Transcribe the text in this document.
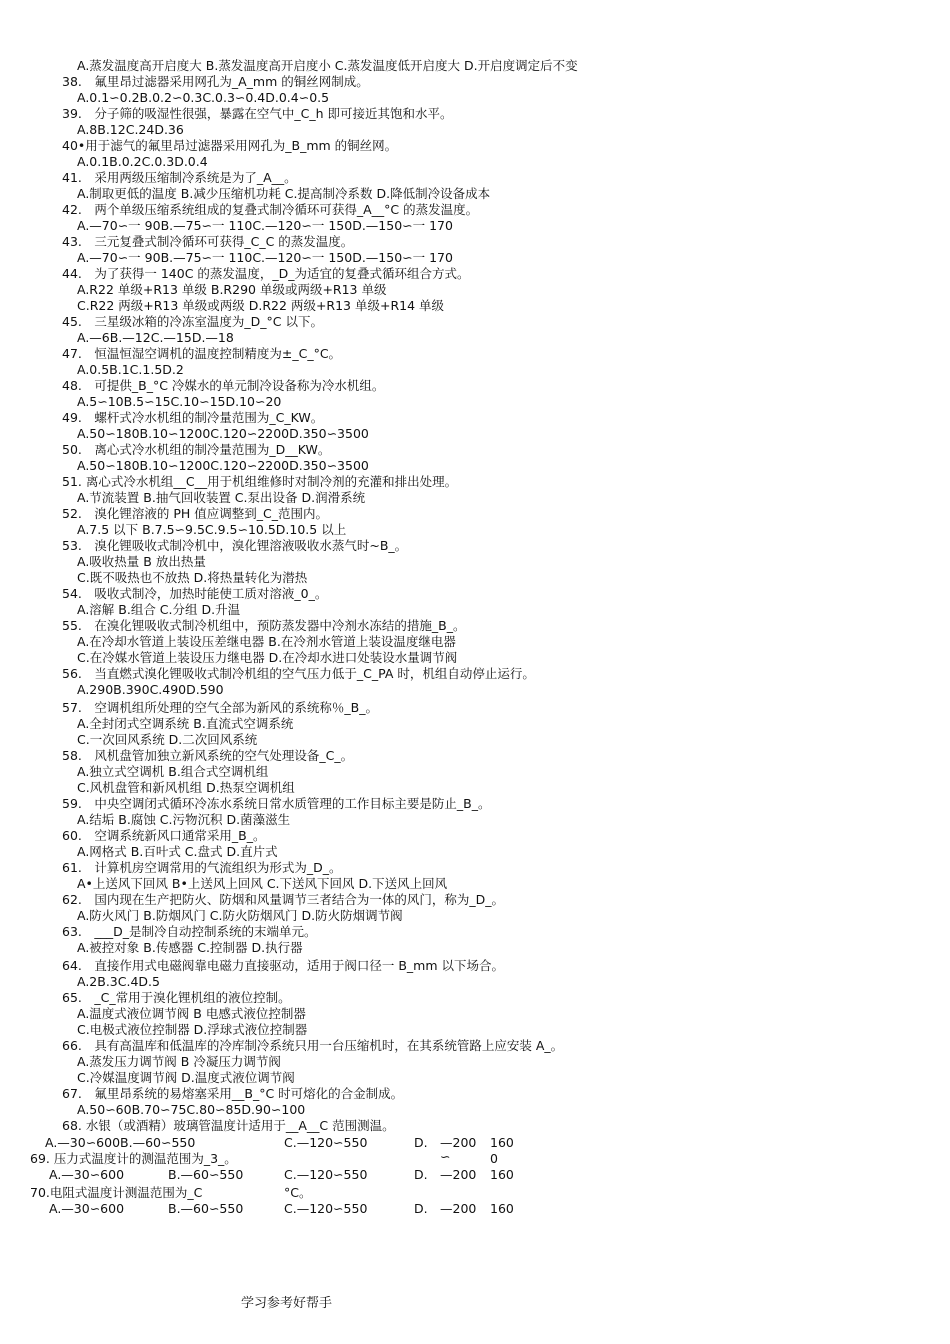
A.蒸发温度高开启度大 B.蒸发温度高开启度小 C.蒸发温度低开启度大 D.开启度调定后不变
38.　氟里昂过滤器采用网孔为_A_mm 的铜丝网制成。
A.0.1∽0.2B.0.2∽0.3C.0.3∽0.4D.0.4∽0.5
39.　分子筛的吸湿性很强，暴露在空气中_C_h 即可接近其饱和水平。
A.8B.12C.24D.36
40•用于滤气的氟里昂过滤器采用网孔为_B_mm 的铜丝网。
A.0.1B.0.2C.0.3D.0.4
41.　采用两级压缩制冷系统是为了_A__。
A.制取更低的温度 B.减少压缩机功耗 C.提高制冷系数 D.降低制冷设备成本
42.　两个单级压缩系统组成的复叠式制冷循环可获得_A__°C 的蒸发温度。
A.—70∽一 90B.—75∽一 110C.—120∽一 150D.—150∽一 170
43.　三元复叠式制冷循环可获得_C_C 的蒸发温度。
A.—70∽一 90B.—75∽一 110C.—120∽一 150D.—150∽一 170
44.　为了获得一 140C 的蒸发温度，_D_为适宜的复叠式循环组合方式。
A.R22 单级+R13 单级 B.R290 单级或两级+R13 单级
C.R22 两级+R13 单级或两级 D.R22 两级+R13 单级+R14 单级
45.　三星级冰箱的冷冻室温度为_D_°C 以下。
A.—6B.—12C.—15D.—18
47.　恒温恒湿空调机的温度控制精度为±_C_°C。
A.0.5B.1C.1.5D.2
48.　可提供_B_°C 冷媒水的单元制冷设备称为冷水机组。
A.5∽10B.5∽15C.10∽15D.10∽20
49.　螺杆式冷水机组的制冷量范围为_C_KW。
A.50∽180B.10∽1200C.120∽2200D.350∽3500
50.　离心式冷水机组的制冷量范围为_D__KW。
A.50∽180B.10∽1200C.120∽2200D.350∽3500
51. 离心式冷水机组__C__用于机组维修时对制冷剂的充灌和排出处理。
A.节流装置 B.抽气回收装置 C.泵出设备 D.润滑系统
52.　溴化锂溶液的 PH 值应调整到_C_范围内。
A.7.5 以下 B.7.5∽9.5C.9.5∽10.5D.10.5 以上
53.　溴化锂吸收式制冷机中，溴化锂溶液吸收水蒸气时~B_。
A.吸收热量 B 放出热量
C.既不吸热也不放热 D.将热量转化为潜热
54.　吸收式制冷，加热时能使工质对溶液_0_。
A.溶解 B.组合 C.分组 D.升温
55.　在溴化锂吸收式制冷机组中，预防蒸发器中冷剂水冻结的措施_B_。
A.在冷却水管道上装设压差继电器 B.在冷剂水管道上装设温度继电器
C.在冷媒水管道上装设压力继电器 D.在冷却水进口处装设水量调节阀
56.　当直燃式溴化锂吸收式制冷机组的空气压力低于_C_PA 时，机组自动停止运行。
A.290B.390C.490D.590
57.　空调机组所处理的空气全部为新风的系统称％_B_。
A.全封闭式空调系统 B.直流式空调系统
C.一次回风系统 D.二次回风系统
58.　风机盘管加独立新风系统的空气处理设备_C_。
A.独立式空调机 B.组合式空调机组
C.风机盘管和新风机组 D.热泵空调机组
59.　中央空调闭式循环冷冻水系统日常水质管理的工作目标主要是防止_B_。
A.结垢 B.腐蚀 C.污物沉积 D.菌藻滋生
60.　空调系统新风口通常采用_B_。
A.网格式 B.百叶式 C.盘式 D.直片式
61.　计算机房空调常用的气流组织为形式为_D_。
A•上送风下回风 B•上送风上回风 C.下送风下回风 D.下送风上回风
62.　国内现在生产把防火、防烟和风量调节三者结合为一体的风门，称为_D_。
A.防火风门 B.防烟风门 C.防火防烟风门 D.防火防烟调节阀
63.　___D_是制冷自动控制系统的末端单元。
A.被控对象 B.传感器 C.控制器 D.执行器
64.　直接作用式电磁阀靠电磁力直接驱动，适用于阀口径一 B_mm 以下场合。
A.2B.3C.4D.5
65.　_C_常用于溴化锂机组的液位控制。
A.温度式液位调节阀 B 电感式液位控制器
C.电极式液位控制器 D.浮球式液位控制器
66.　具有高温库和低温库的冷库制冷系统只用一台压缩机时，在其系统管路上应安装 A_。
A.蒸发压力调节阀 B 冷凝压力调节阀
C.冷媒温度调节阀 D.温度式液位调节阀
67.　氟里昂系统的易熔塞采用__B_°C 时可熔化的合金制成。
A.50∽60B.70∽75C.80∽85D.90∽100
68. 水银（或酒精）玻璃管温度计适用于__A__C 范围测温。
A.—30∽600B.—60∽550	C.—120∽550	D. —200 160
69. 压力式温度计的测温范围为_3_。	∽	0
A.—30∽600	B.—60∽550	C.—120∽550	D. —200 160
70.电阻式温度计测温范围为_C	°C。
A.—30∽600	B.—60∽550	C.—120∽550	D. —200 160
学习参考好帮手
